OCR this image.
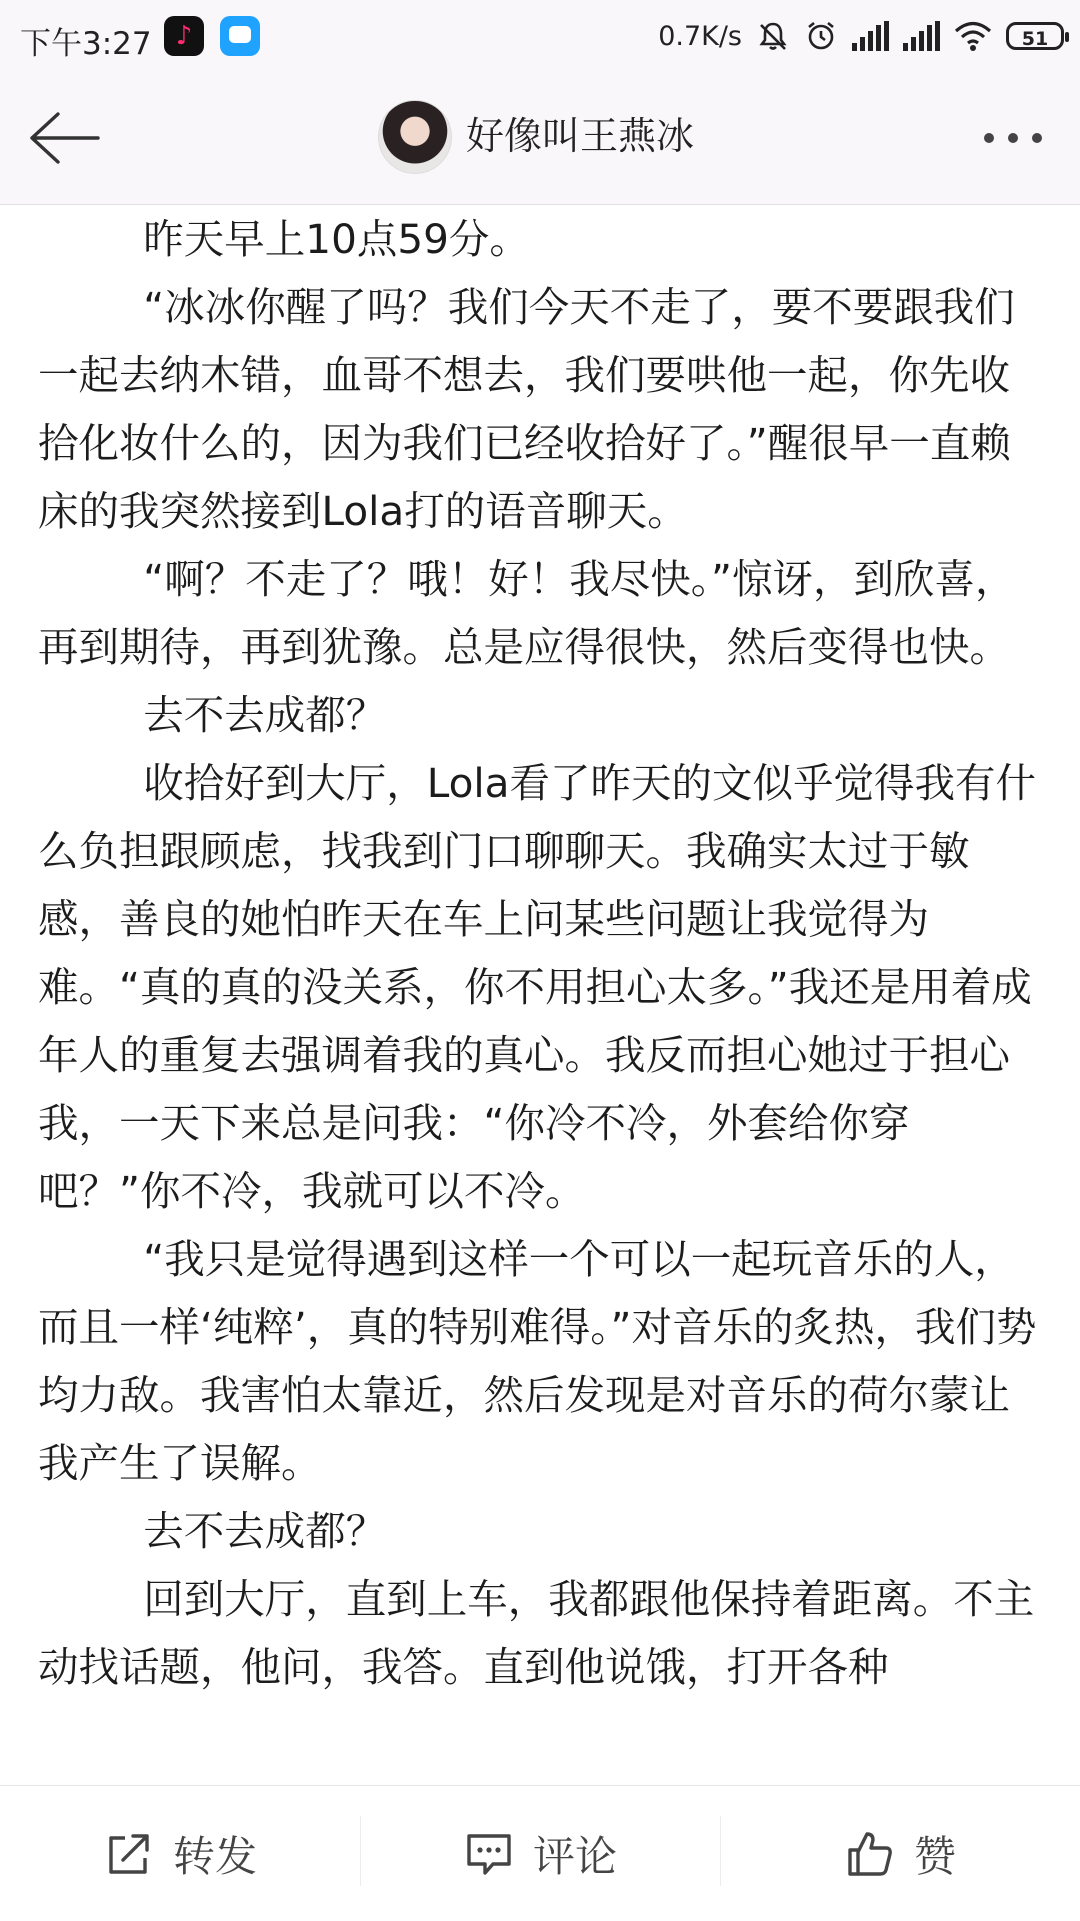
下午3:27 ♪	0.7K/s	51
好像叫王燕冰

昨天早上10点59分。

“冰冰你醒了吗？我们今天不走了，要不要跟我们一起去纳木错，血哥不想去，我们要哄他一起，你先收拾化妆什么的，因为我们已经收拾好了。”醒很早一直赖床的我突然接到Lola打的语音聊天。

“啊？不走了？哦！好！我尽快。”惊讶，到欣喜，再到期待，再到犹豫。总是应得很快，然后变得也快。

去不去成都？

收拾好到大厅，Lola看了昨天的文似乎觉得我有什么负担跟顾虑，找我到门口聊聊天。我确实太过于敏感，善良的她怕昨天在车上问某些问题让我觉得为难。“真的真的没关系，你不用担心太多。”我还是用着成年人的重复去强调着我的真心。我反而担心她过于担心我，一天下来总是问我：“你冷不冷，外套给你穿吧？”你不冷，我就可以不冷。

“我只是觉得遇到这样一个可以一起玩音乐的人，而且一样‘纯粹’，真的特别难得。”对音乐的炙热，我们势均力敌。我害怕太靠近，然后发现是对音乐的荷尔蒙让我产生了误解。

去不去成都？

回到大厅，直到上车，我都跟他保持着距离。不主动找话题，他问，我答。直到他说饿，打开各种

转发	评论	赞
